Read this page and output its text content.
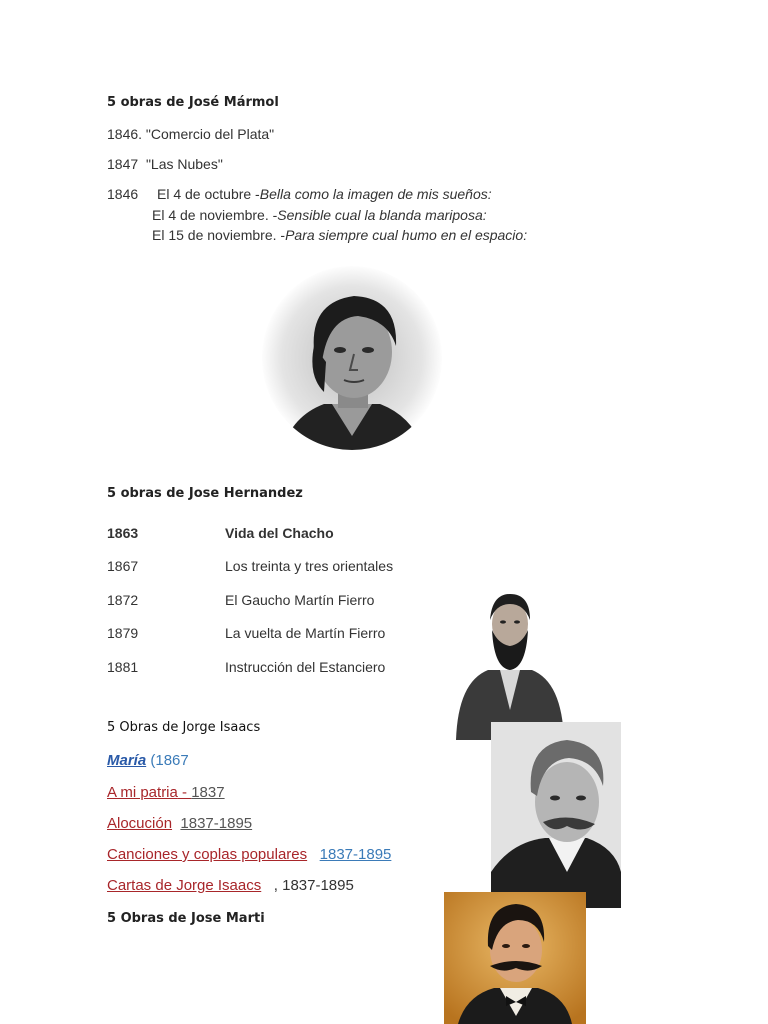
5 obras de José Mármol
1846. "Comercio del Plata"
1847 "Las Nubes"
1846 El 4 de octubre -Bella como la imagen de mis sueños:
El 4 de noviembre. -Sensible cual la blanda mariposa:
El 15 de noviembre. -Para siempre cual humo en el espacio:
5 obras de Jose Hernandez
1863	Vida del Chacho
1867	Los treinta y tres orientales
1872	El Gaucho Martín Fierro
1879	La vuelta de Martín Fierro
1881	Instrucción del Estanciero
5 Obras de Jorge Isaacs
María (1867
A mi patria - 1837
Alocución 1837-1895
Canciones y coplas populares 1837-1895
Cartas de Jorge Isaacs , 1837-1895
5 Obras de Jose Marti
